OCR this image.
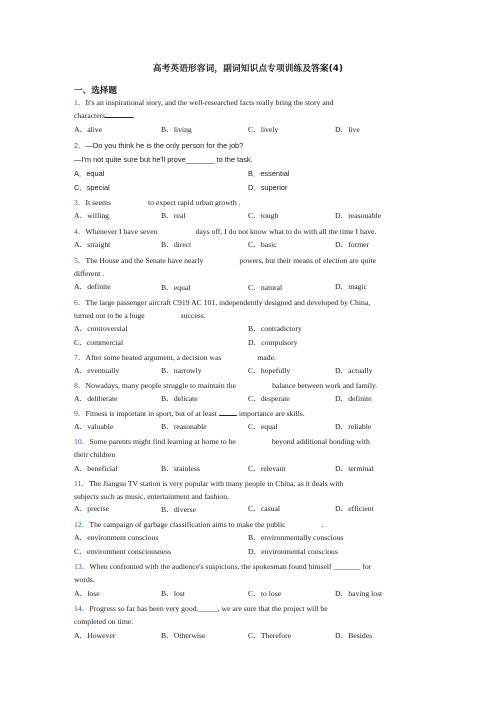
高考英语形容词，副词知识点专项训练及答案(4)
一、选择题
1．It's an inspirational story, and the well-researched facts really bring the story and
characters	.
A．alive	B．living	C．lively	D．live
2．—Do you think he is the only person for the job?
—I'm not quite sure but he'll prove_______ to the task.
A．equal	B．essential
C．special	D．superior
3．It seems	to expect rapid urban growth .
A．willing	B．real	C．tough	D．reasonable
4．Whenever I have seven	days off, I do not know what to do with all the time I have.
A．straight	B．direct	C．basic	D．former
5．The House and the Senate have nearly	powers, but their means of election are quite
different .
A．definite	B．equal	C．natural	D．magic
6．The large passenger aircraft C919 AC 101, independently designed and developed by China,
turned out to be a huge	success.
A．controversial	B．contradictory
C．commercial	D．compulsory
7．After some heated argument, a decision was	made.
A．eventually	B．narrowly	C．hopefully	D．actually
8．Nowadays, many people struggle to maintain the	balance between work and family.
A．deliberate	B．delicate	C．desperate	D．definite
9．Fitness is important in sport, but of at least	importance are skills.
A．valuable	B．reasonable	C．equal	D．reliable
10．Some parents might find learning at home to be	beyond additional bonding with
their children
A．beneficial	B．stainless	C．relevant	D．terminal
11．The Jiangsu TV station is very popular with many people in China, as it deals with
subjects such as music, entertainment and fashion.
A．precise	B．diverse	C．casual	D．efficient
12．The campaign of garbage classification aims to make the public	.
A．environment conscious	B．environmentally conscious
C．environment consciousness	D．environmental conscious
13．When confronted with the audience's suspicions, the spokesman found himself _______ for
words.
A．lose	B．lost	C．to lose	D．having lost
14．Progress so far has been very good._____, we are sure that the project will be
completed on time.
A．However	B．Otherwise	C．Therefore	D．Besides
